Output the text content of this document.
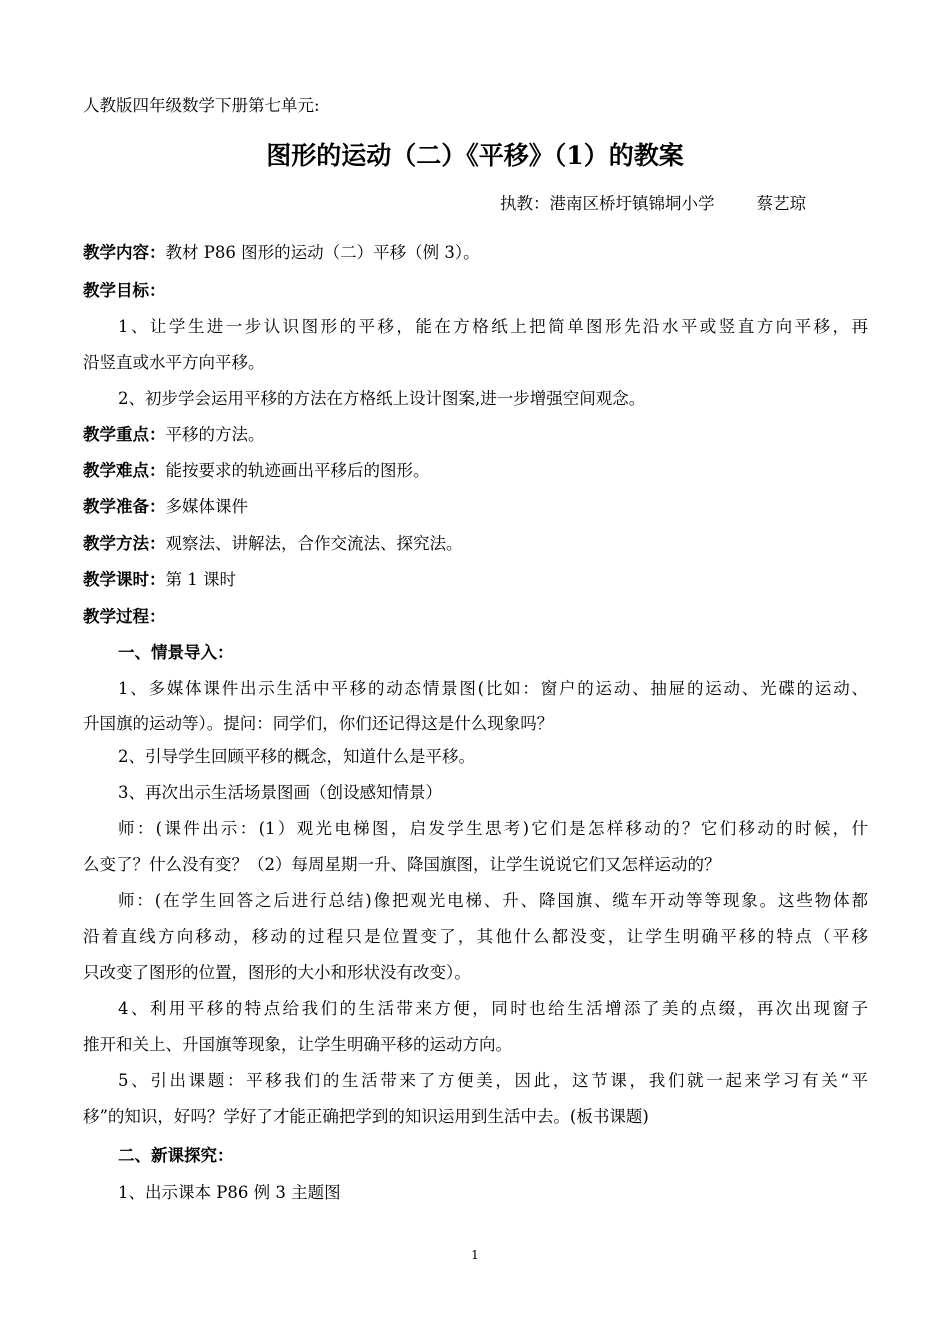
人教版四年级数学下册第七单元:
图形的运动（二）《平移》（1）的教案
执教：港南区桥圩镇锦垌小学	蔡艺琼
教学内容：教材 P86 图形的运动（二）平移（例 3）。
教学目标：
1、让学生进一步认识图形的平移，能在方格纸上把简单图形先沿水平或竖直方向平移，再
沿竖直或水平方向平移。
2、初步学会运用平移的方法在方格纸上设计图案,进一步增强空间观念。
教学重点：平移的方法。
教学难点：能按要求的轨迹画出平移后的图形。
教学准备：多媒体课件
教学方法：观察法、讲解法，合作交流法、探究法。
教学课时：第 1 课时
教学过程：
一、情景导入：
1、多媒体课件出示生活中平移的动态情景图(比如：窗户的运动、抽屉的运动、光碟的运动、
升国旗的运动等）。提问：同学们，你们还记得这是什么现象吗？
2、引导学生回顾平移的概念，知道什么是平移。
3、再次出示生活场景图画（创设感知情景）
师：(课件出示：(1）观光电梯图，启发学生思考)它们是怎样移动的？它们移动的时候，什
么变了？什么没有变？（2）每周星期一升、降国旗图，让学生说说它们又怎样运动的？
师：(在学生回答之后进行总结)像把观光电梯、升、降国旗、缆车开动等等现象。这些物体都
沿着直线方向移动，移动的过程只是位置变了，其他什么都没变，让学生明确平移的特点（平移
只改变了图形的位置，图形的大小和形状没有改变）。
4、利用平移的特点给我们的生活带来方便，同时也给生活增添了美的点缀，再次出现窗子
推开和关上、升国旗等现象，让学生明确平移的运动方向。
5、引出课题：平移我们的生活带来了方便美，因此，这节课，我们就一起来学习有关“平
移”的知识，好吗？学好了才能正确把学到的知识运用到生活中去。(板书课题)
二、新课探究：
1、出示课本 P86 例 3 主题图
1
